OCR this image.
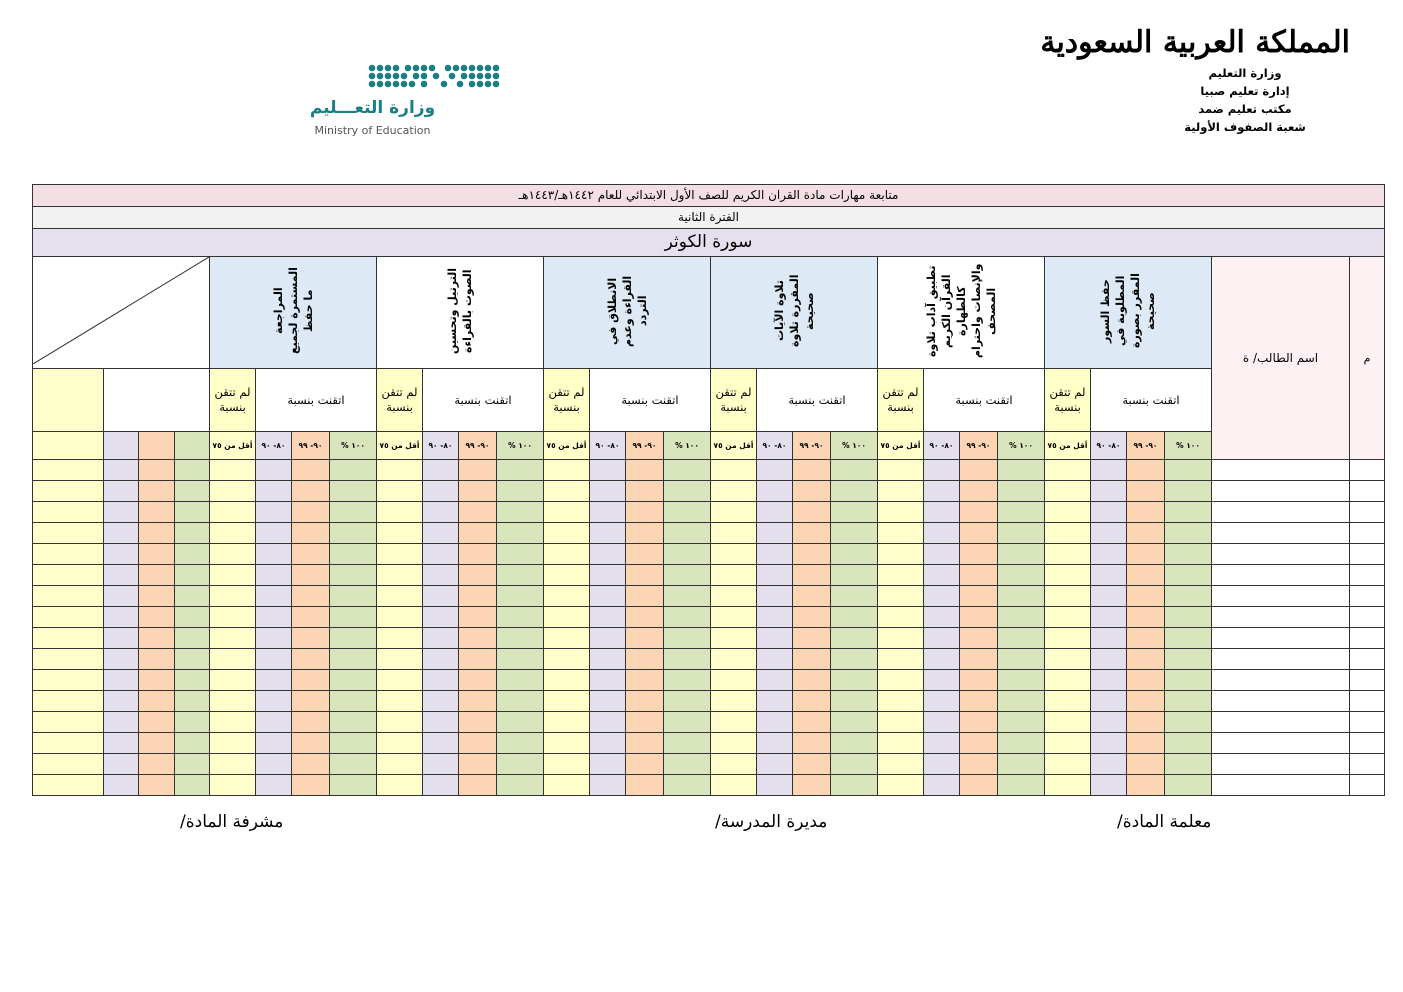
المملكة العربية السعودية
وزارة التعليم
إدارة تعليم صبيا
مكتب تعليم ضمد
شعبة الصفوف الأولية
وزارة التعـــليم
Ministry of Education
متابعة مهارات مادة القران الكريم للصف الأول الابتدائي للعام ١٤٤٢هـ/١٤٤٣هـ																													
الفترة الثانية																													
سورة الكوثر																													
م	اسم الطالب/ ة	حفظ السور المطلوبة في المقرر بصورة صحيحة				تطبيق آداب تلاوة القرآن الكريم كالطهارة والإنصات واحترام المصحف				تلاوة الآيات المقررة تلاوة صحيحة				الانطلاق في القراءة وعدم التردد				الترتيل وتحسين الصوت بالقراءة				المراجعة المستمرة لجميع ما حفظ	
		اتقنت بنسبة			لم تتقن بنسبة	اتقنت بنسبة			لم تتقن بنسبة	اتقنت بنسبة			لم تتقن بنسبة	اتقنت بنسبة			لم تتقن بنسبة	اتقنت بنسبة			لم تتقن بنسبة	اتقنت بنسبة			لم تتقن بنسبة				
		١٠٠ %	٩٠- ٩٩	٨٠- ٩٠	أقل من ٧٥	١٠٠ %	٩٠- ٩٩	٨٠- ٩٠	أقل من ٧٥	١٠٠ %	٩٠- ٩٩	٨٠- ٩٠	أقل من ٧٥	١٠٠ %	٩٠- ٩٩	٨٠- ٩٠	أقل من ٧٥	١٠٠ %	٩٠- ٩٩	٨٠- ٩٠	أقل من ٧٥	١٠٠ %	٩٠- ٩٩	٨٠- ٩٠	أقل من ٧٥				

معلمة المادة/
مديرة المدرسة/
مشرفة المادة/
